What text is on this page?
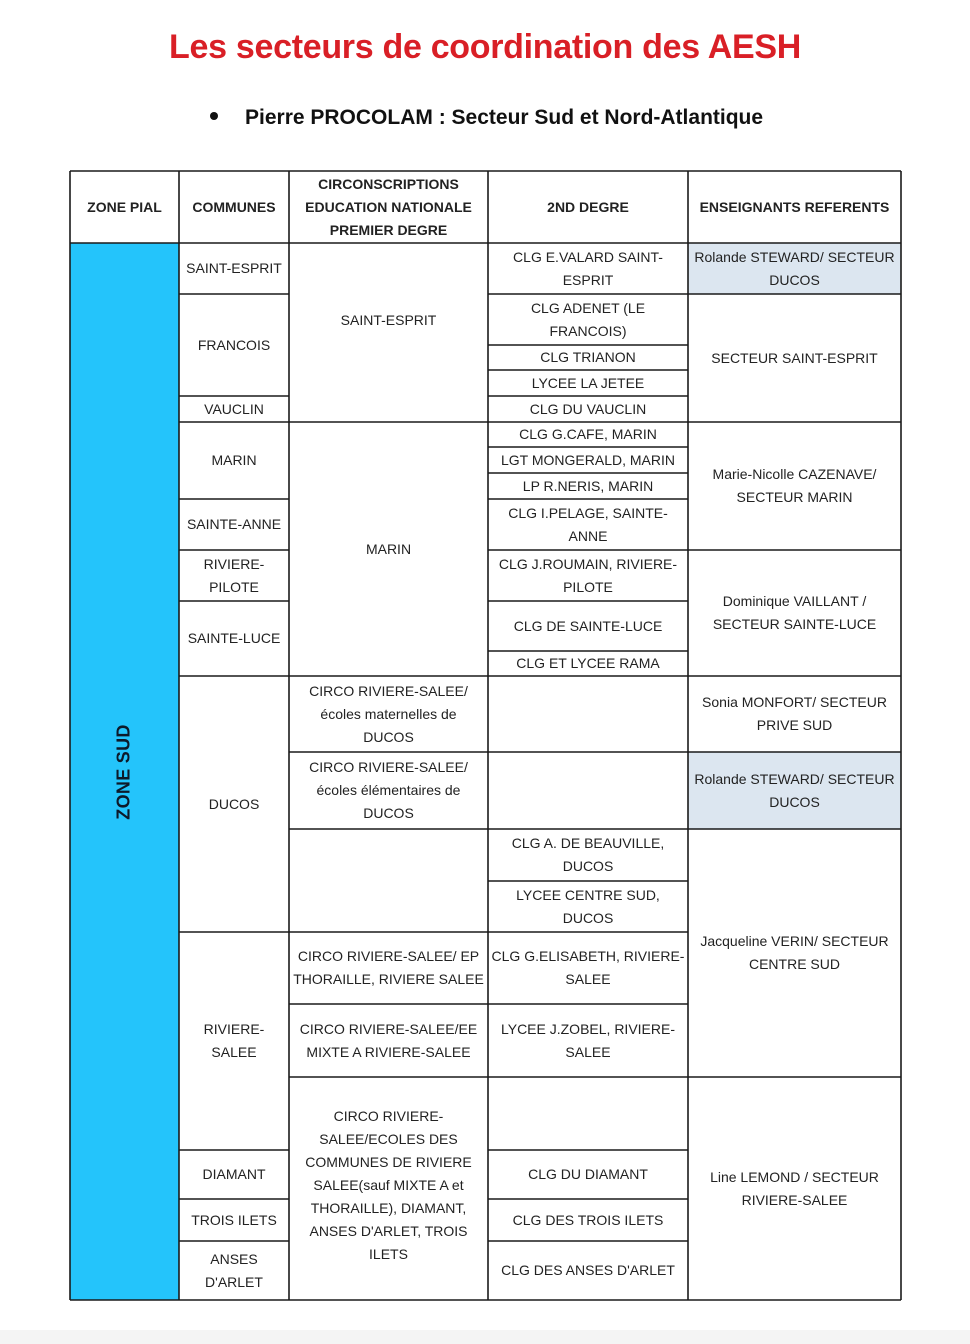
Les secteurs de coordination des AESH
Pierre PROCOLAM : Secteur Sud et Nord-Atlantique
ZONE PIAL	COMMUNES
CIRCONSCRIPTIONS
EDUCATION NATIONALE
PREMIER DEGRE
2ND DEGRE	ENSEIGNANTS REFERENTS
ZONE SUD
SAINT-ESPRIT
FRANCOIS
VAUCLIN
MARIN
SAINTE-ANNE
RIVIERE-PILOTE
SAINTE-LUCE
DUCOS
RIVIERE-SALEE
DIAMANT
TROIS ILETS
ANSES
D'ARLET
SAINT-ESPRIT
MARIN
CIRCO RIVIERE-SALEE/
écoles maternelles de
DUCOS
CIRCO RIVIERE-SALEE/
écoles élémentaires de
DUCOS
CIRCO RIVIERE-SALEE/ EP
THORAILLE, RIVIERE SALEE
CIRCO RIVIERE-SALEE/EE
MIXTE A RIVIERE-SALEE
CIRCO RIVIERE-
SALEE/ECOLES DES
COMMUNES DE RIVIERE
SALEE(sauf MIXTE A et
THORAILLE), DIAMANT,
ANSES D'ARLET, TROIS
ILETS
CLG E.VALARD SAINT-
ESPRIT
CLG ADENET (LE FRANCOIS)
CLG TRIANON
LYCEE LA JETEE
CLG DU VAUCLIN
CLG G.CAFE, MARIN
LGT MONGERALD, MARIN
LP R.NERIS, MARIN
CLG I.PELAGE, SAINTE-
ANNE
CLG J.ROUMAIN, RIVIERE-
PILOTE
CLG DE SAINTE-LUCE
CLG ET LYCEE RAMA
CLG A. DE BEAUVILLE,
DUCOS
LYCEE CENTRE SUD, DUCOS
CLG G.ELISABETH, RIVIERE-
SALEE
LYCEE J.ZOBEL, RIVIERE-
SALEE
CLG DU DIAMANT
CLG DES TROIS ILETS
CLG DES ANSES D'ARLET
Rolande STEWARD/ SECTEUR
DUCOS
SECTEUR SAINT-ESPRIT
Marie-Nicolle CAZENAVE/
SECTEUR MARIN
Dominique VAILLANT /
SECTEUR SAINTE-LUCE
Sonia MONFORT/ SECTEUR
PRIVE SUD
Rolande STEWARD/ SECTEUR
DUCOS
Jacqueline VERIN/ SECTEUR
CENTRE SUD
Line LEMOND / SECTEUR
RIVIERE-SALEE
